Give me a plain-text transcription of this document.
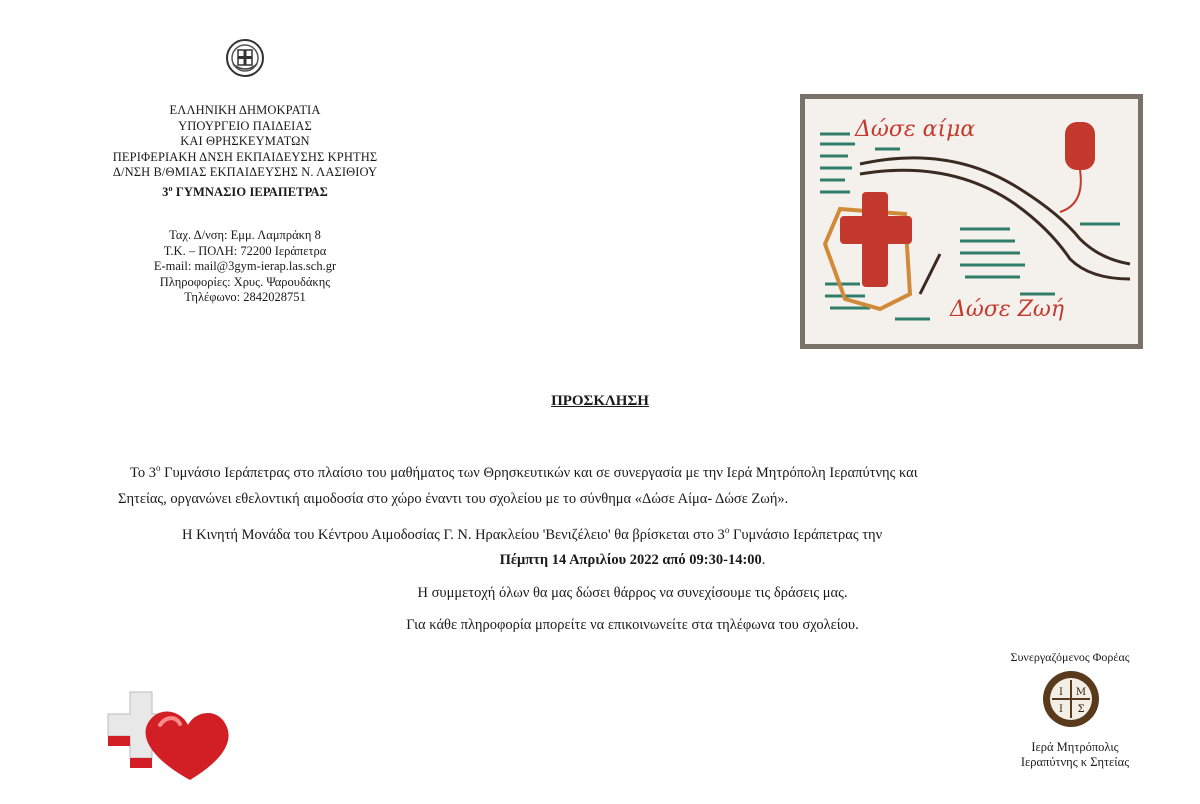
ΕΛΛΗΝΙΚΗ ΔΗΜΟΚΡΑΤΙΑ
ΥΠΟΥΡΓΕΙΟ ΠΑΙΔΕΙΑΣ
ΚΑΙ ΘΡΗΣΚΕΥΜΑΤΩΝ
ΠΕΡΙΦΕΡΙΑΚΗ ΔΝΣΗ ΕΚΠΑΙΔΕΥΣΗΣ ΚΡΗΤΗΣ
Δ/ΝΣΗ Β/ΘΜΙΑΣ ΕΚΠΑΙΔΕΥΣΗΣ Ν. ΛΑΣΙΘΙΟΥ
$3^o$ ΓΥΜΝΑΣΙΟ ΙΕΡΑΠΕΤΡΑΣ
Ταχ. Δ/νση: Εμμ. Λαμπράκη 8
Τ.Κ. – ΠΟΛΗ: 72200 Ιεράπετρα
E-mail: mail@3gym-ierap.las.sch.gr
Πληροφορίες: Χρυς. Ψαρουδάκης
Τηλέφωνο: 2842028751
Δώσε αίμα
Δώσε Ζωή
ΠΡΟΣΚΛΗΣΗ
Το $3^o$ Γυμνάσιο Ιεράπετρας στο πλαίσιο του μαθήματος των Θρησκευτικών και σε συνεργασία με την Ιερά Μητρόπολη Ιεραπύτνης και
Σητείας, οργανώνει εθελοντική αιμοδοσία στο χώρο έναντι του σχολείου με το σύνθημα «Δώσε Αίμα- Δώσε Ζωή».
Η Κινητή Μονάδα του Κέντρου Αιμοδοσίας Γ. Ν. Ηρακλείου 'Βενιζέλειο' θα βρίσκεται στο $3^o$ Γυμνάσιο Ιεράπετρας την
Πέμπτη 14 Απριλίου 2022 από 09:30-14:00.
Η συμμετοχή όλων θα μας δώσει θάρρος να συνεχίσουμε τις δράσεις μας.
Για κάθε πληροφορία μπορείτε να επικοινωνείτε στα τηλέφωνα του σχολείου.
Συνεργαζόμενος Φορέας
Ι Μ
Ι Σ
Ιερά Μητρόπολις
Ιεραπύτνης κ Σητείας
